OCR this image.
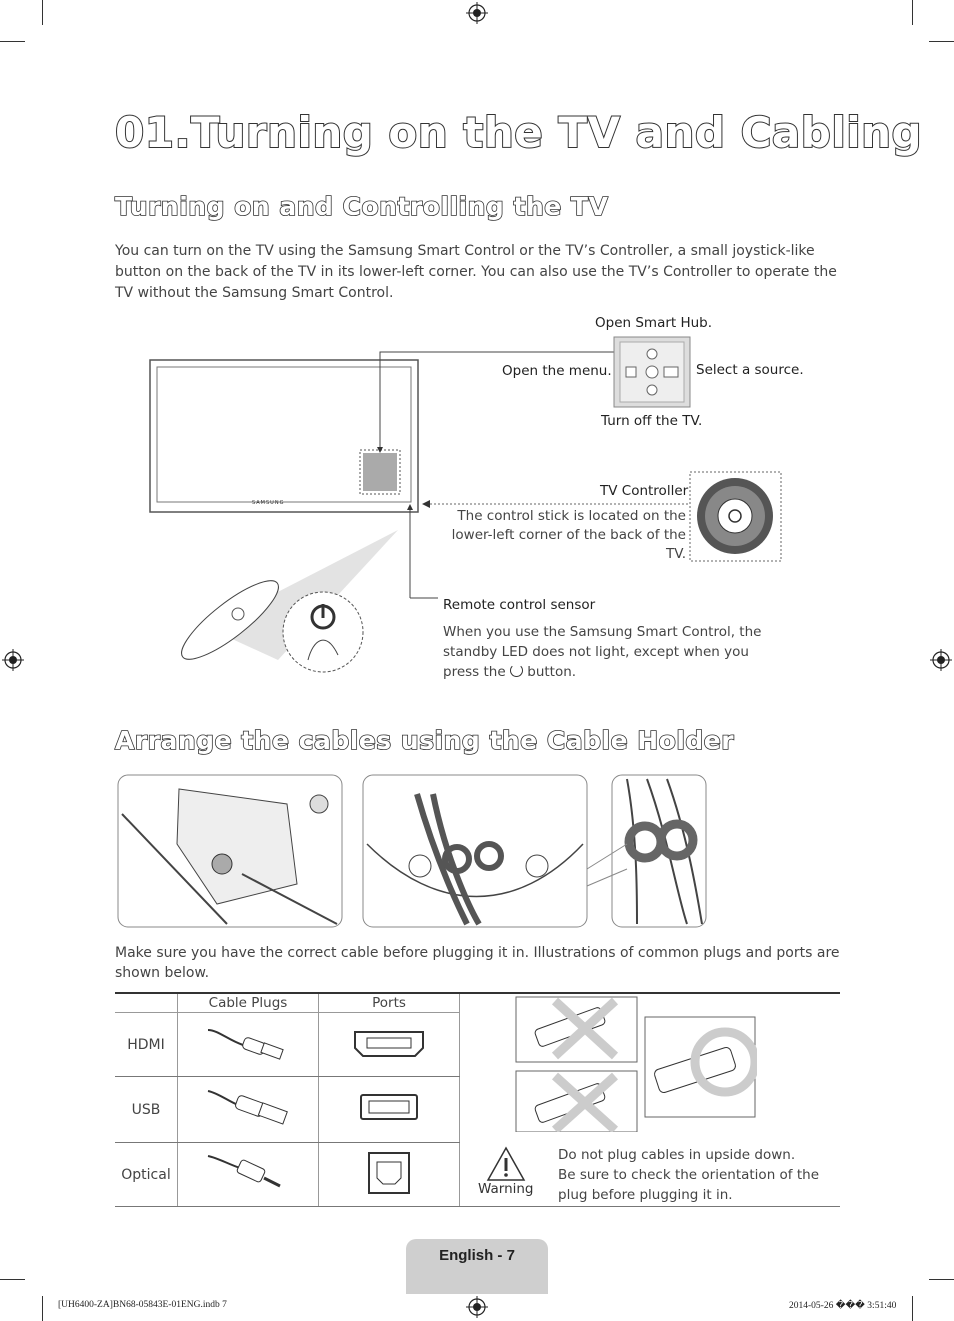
01.Turning on the TV and Cabling
Turning on and Controlling the TV
You can turn on the TV using the Samsung Smart Control or the TV’s Controller, a small joystick-like button on the back of the TV in its lower-left corner. You can also use the TV’s Controller to operate the TV without the Samsung Smart Control.
SAMSUNG
Open Smart Hub.
Open the menu.	Select a source.
Turn off the TV.
TV Controller
The control stick is located on the lower-left corner of the back of the TV.
Remote control sensor
When you use the Samsung Smart Control, the standby LED does not light, except when you press the button.
Arrange the cables using the Cable Holder
Make sure you have the correct cable before plugging it in. Illustrations of common plugs and ports are shown below.
	Cable Plugs	Ports	
HDMI		
USB		
Optical		
Warning
Do not plug cables in upside down.
Be sure to check the orientation of the
plug before plugging it in.
English - 7
[UH6400-ZA]BN68-05843E-01ENG.indb 7	2014-05-26 ��� 3:51:40
